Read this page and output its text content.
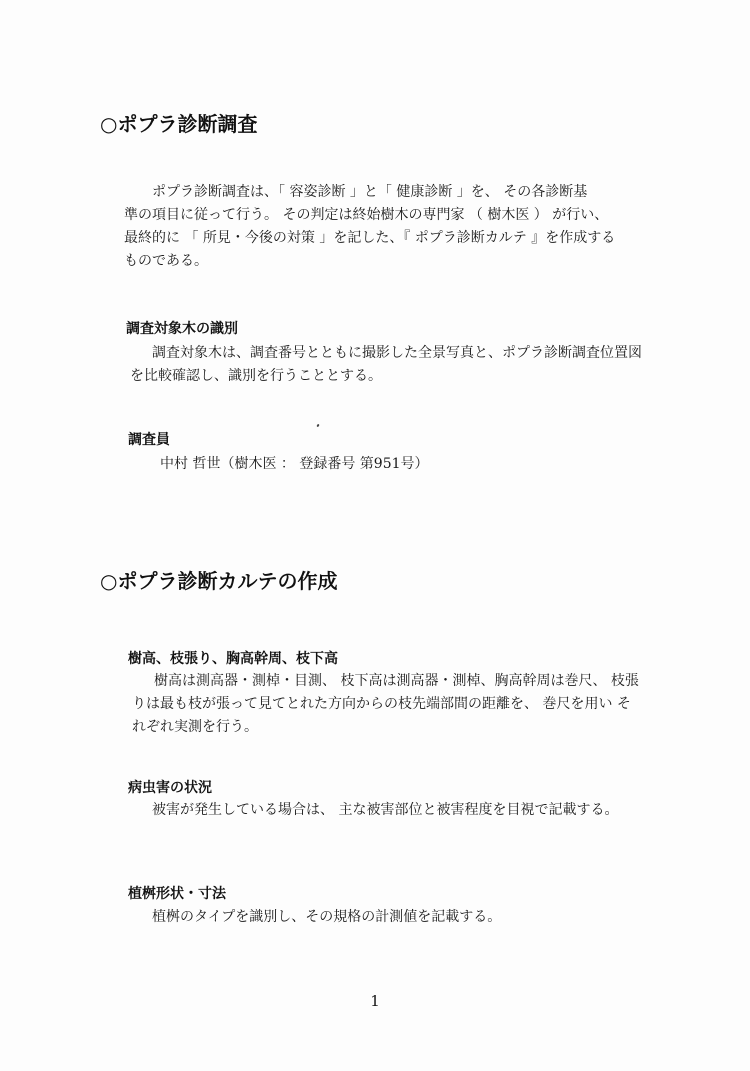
○ポプラ診断調査

ポプラ診断調査は、「 容姿診断 」と「 健康診断 」を、 その各診断基

準の項目に従って行う。 その判定は終始樹木の専門家 （ 樹木医 ） が行い、

最終的に 「 所見・今後の対策 」を記した、『 ポプラ診断カルテ 』を作成する

ものである。

調査対象木の識別

調査対象木は、調査番号とともに撮影した全景写真と、ポプラ診断調査位置図

を比較確認し、識別を行うこととする。

調査員

中村 哲世（樹木医 ： 登録番号 第951号）

○ポプラ診断カルテの作成
樹高、枝張り、胸高幹周、枝下高

樹高は測高器・測棹・目測、 枝下高は測高器・測棹、胸高幹周は巻尺、 枝張

りは最も枝が張って見てとれた方向からの枝先端部間の距離を、 巻尺を用い そ

れぞれ実測を行う。

病虫害の状況

被害が発生している場合は、 主な被害部位と被害程度を目視で記載する。

植桝形状・寸法

植桝のタイプを識別し、その規格の計測値を記載する。

1
